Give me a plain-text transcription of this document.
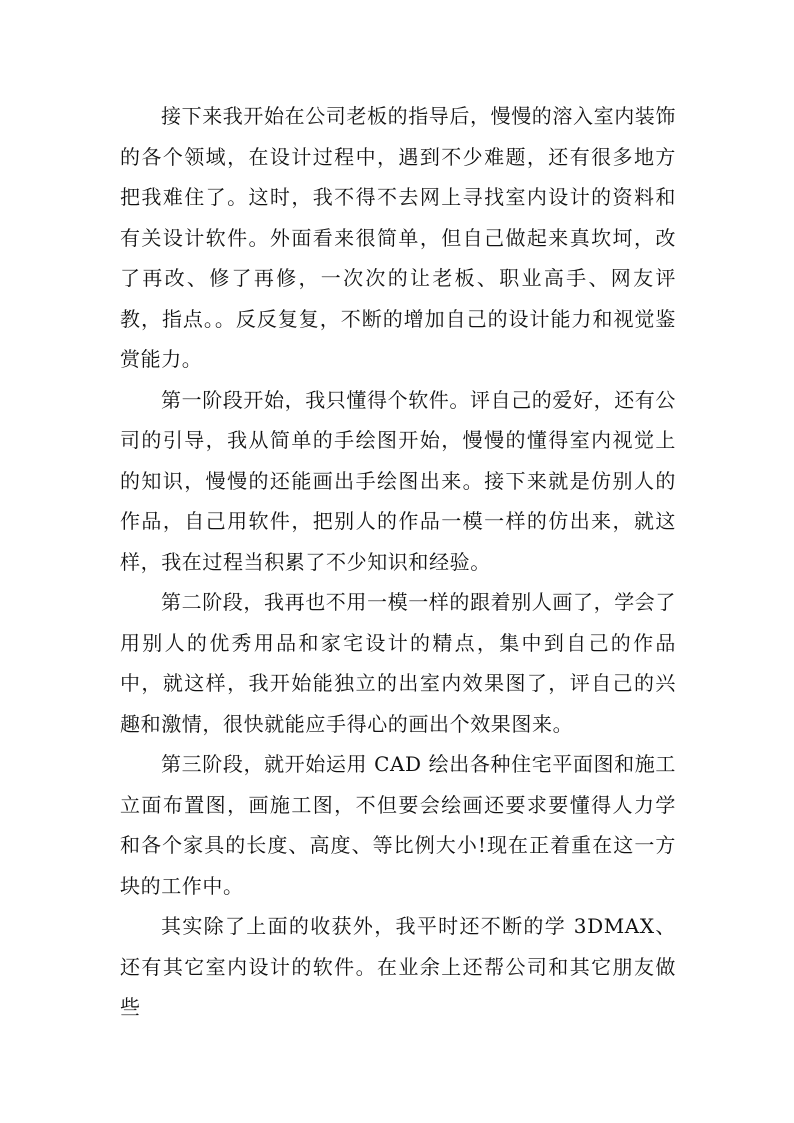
接下来我开始在公司老板的指导后，慢慢的溶入室内装饰的各个领域，在设计过程中，遇到不少难题，还有很多地方把我难住了。这时，我不得不去网上寻找室内设计的资料和有关设计软件。外面看来很简单，但自己做起来真坎坷，改了再改、修了再修，一次次的让老板、职业高手、网友评教，指点。。反反复复，不断的增加自己的设计能力和视觉鉴赏能力。

第一阶段开始，我只懂得个软件。评自己的爱好，还有公司的引导，我从简单的手绘图开始，慢慢的懂得室内视觉上的知识，慢慢的还能画出手绘图出来。接下来就是仿别人的作品，自己用软件，把别人的作品一模一样的仿出来，就这样，我在过程当积累了不少知识和经验。

第二阶段，我再也不用一模一样的跟着别人画了，学会了用别人的优秀用品和家宅设计的精点，集中到自己的作品中，就这样，我开始能独立的出室内效果图了，评自己的兴趣和激情，很快就能应手得心的画出个效果图来。

第三阶段，就开始运用 CAD 绘出各种住宅平面图和施工立面布置图，画施工图，不但要会绘画还要求要懂得人力学和各个家具的长度、高度、等比例大小!现在正着重在这一方块的工作中。

其实除了上面的收获外，我平时还不断的学 3DMAX、还有其它室内设计的软件。在业余上还帮公司和其它朋友做些
